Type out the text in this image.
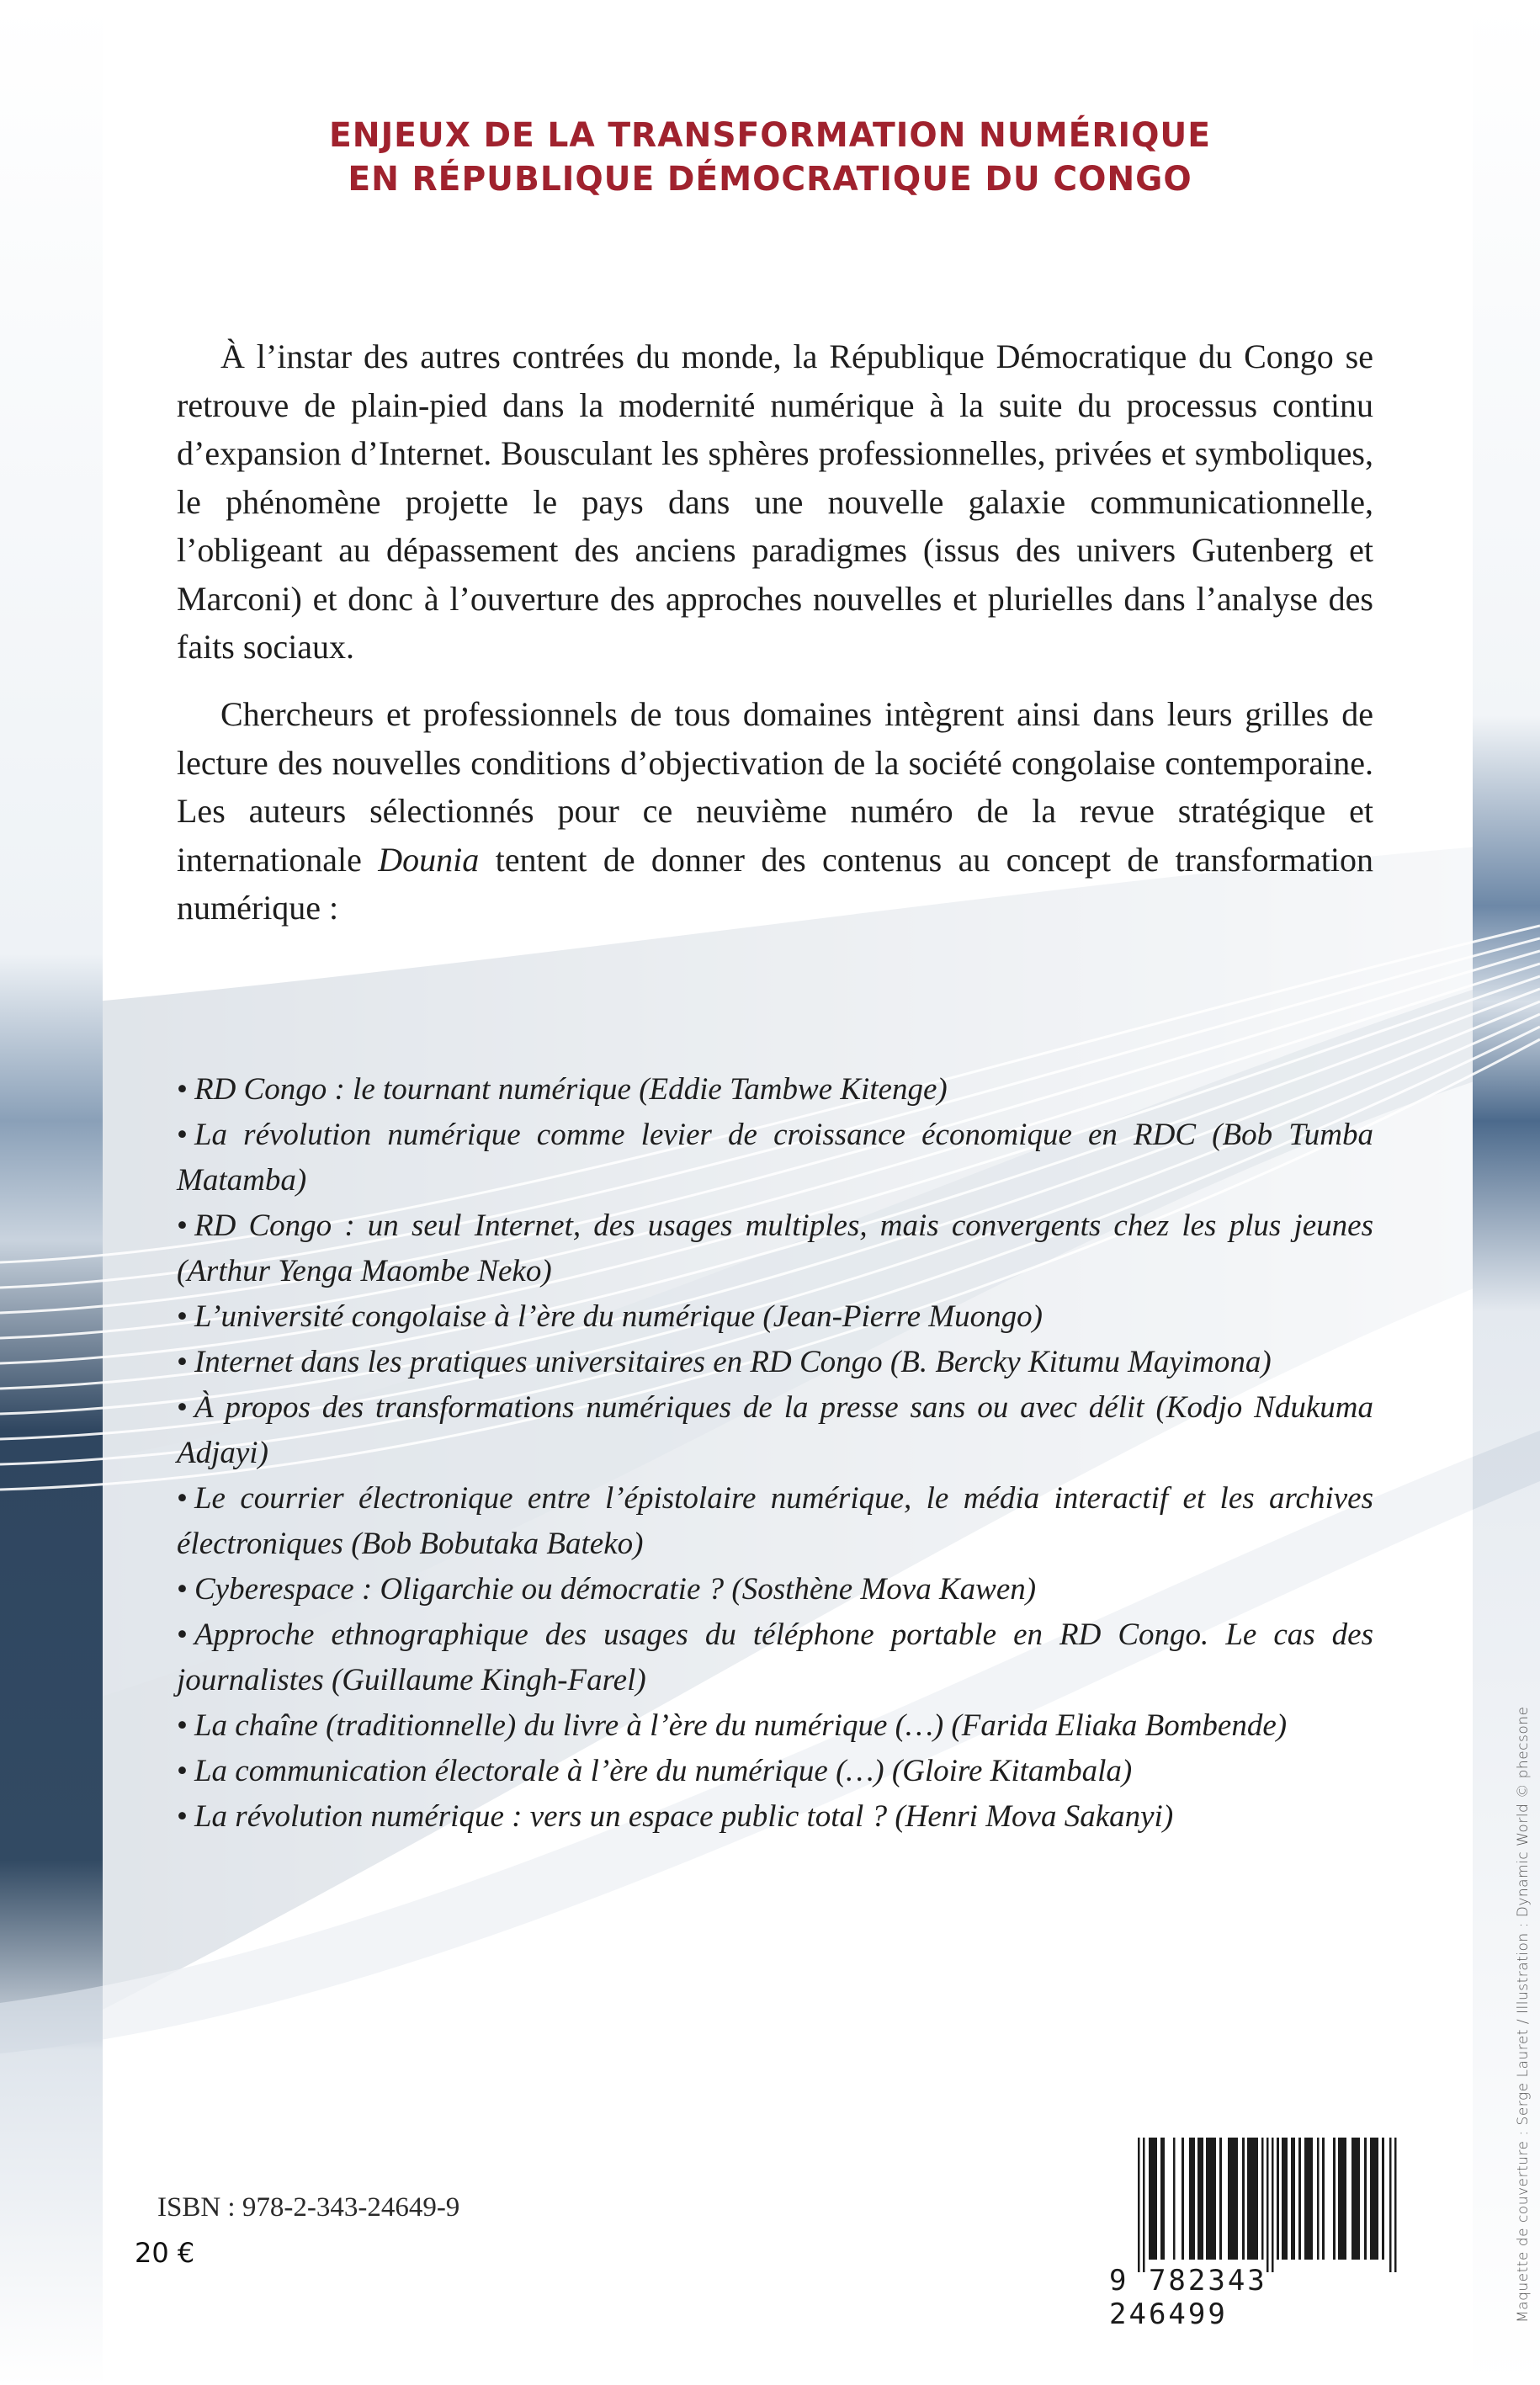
ENJEUX DE LA TRANSFORMATION NUMÉRIQUE
EN RÉPUBLIQUE DÉMOCRATIQUE DU CONGO

À l’instar des autres contrées du monde, la République Démocratique du Congo se retrouve de plain-pied dans la modernité numérique à la suite du processus continu d’expansion d’Internet. Bousculant les sphères professionnelles, privées et symboliques, le phénomène projette le pays dans une nouvelle galaxie communicationnelle, l’obligeant au dépassement des anciens paradigmes (issus des univers Gutenberg et Marconi) et donc à l’ouverture des approches nouvelles et plurielles dans l’analyse des faits sociaux.

Chercheurs et professionnels de tous domaines intègrent ainsi dans leurs grilles de lecture des nouvelles conditions d’objectivation de la société congolaise contemporaine. Les auteurs sélectionnés pour ce neuvième numéro de la revue stratégique et internationale Dounia tentent de donner des contenus au concept de transformation numérique :

• RD Congo : le tournant numérique (Eddie Tambwe Kitenge)
• La révolution numérique comme levier de croissance économique en RDC (Bob Tumba Matamba)
• RD Congo : un seul Internet, des usages multiples, mais convergents chez les plus jeunes (Arthur Yenga Maombe Neko)
• L’université congolaise à l’ère du numérique (Jean-Pierre Muongo)
• Internet dans les pratiques universitaires en RD Congo (B. Bercky Kitumu Mayimona)
• À propos des transformations numériques de la presse sans ou avec délit (Kodjo Ndukuma Adjayi)
• Le courrier électronique entre l’épistolaire numérique, le média interactif et les archives électroniques (Bob Bobutaka Bateko)
• Cyberespace : Oligarchie ou démocratie ? (Sosthène Mova Kawen)
• Approche ethnographique des usages du téléphone portable en RD Congo. Le cas des journalistes (Guillaume Kingh-Farel)
• La chaîne (traditionnelle) du livre à l’ère du numérique (…) (Farida Eliaka Bombende)
• La communication électorale à l’ère du numérique (…) (Gloire Kitambala)
• La révolution numérique : vers un espace public total ? (Henri Mova Sakanyi)
ISBN : 978-2-343-24649-9
20 €
9 782343 246499	Maquette de couverture : Serge Lauret / Illustration : Dynamic World © phecsone
